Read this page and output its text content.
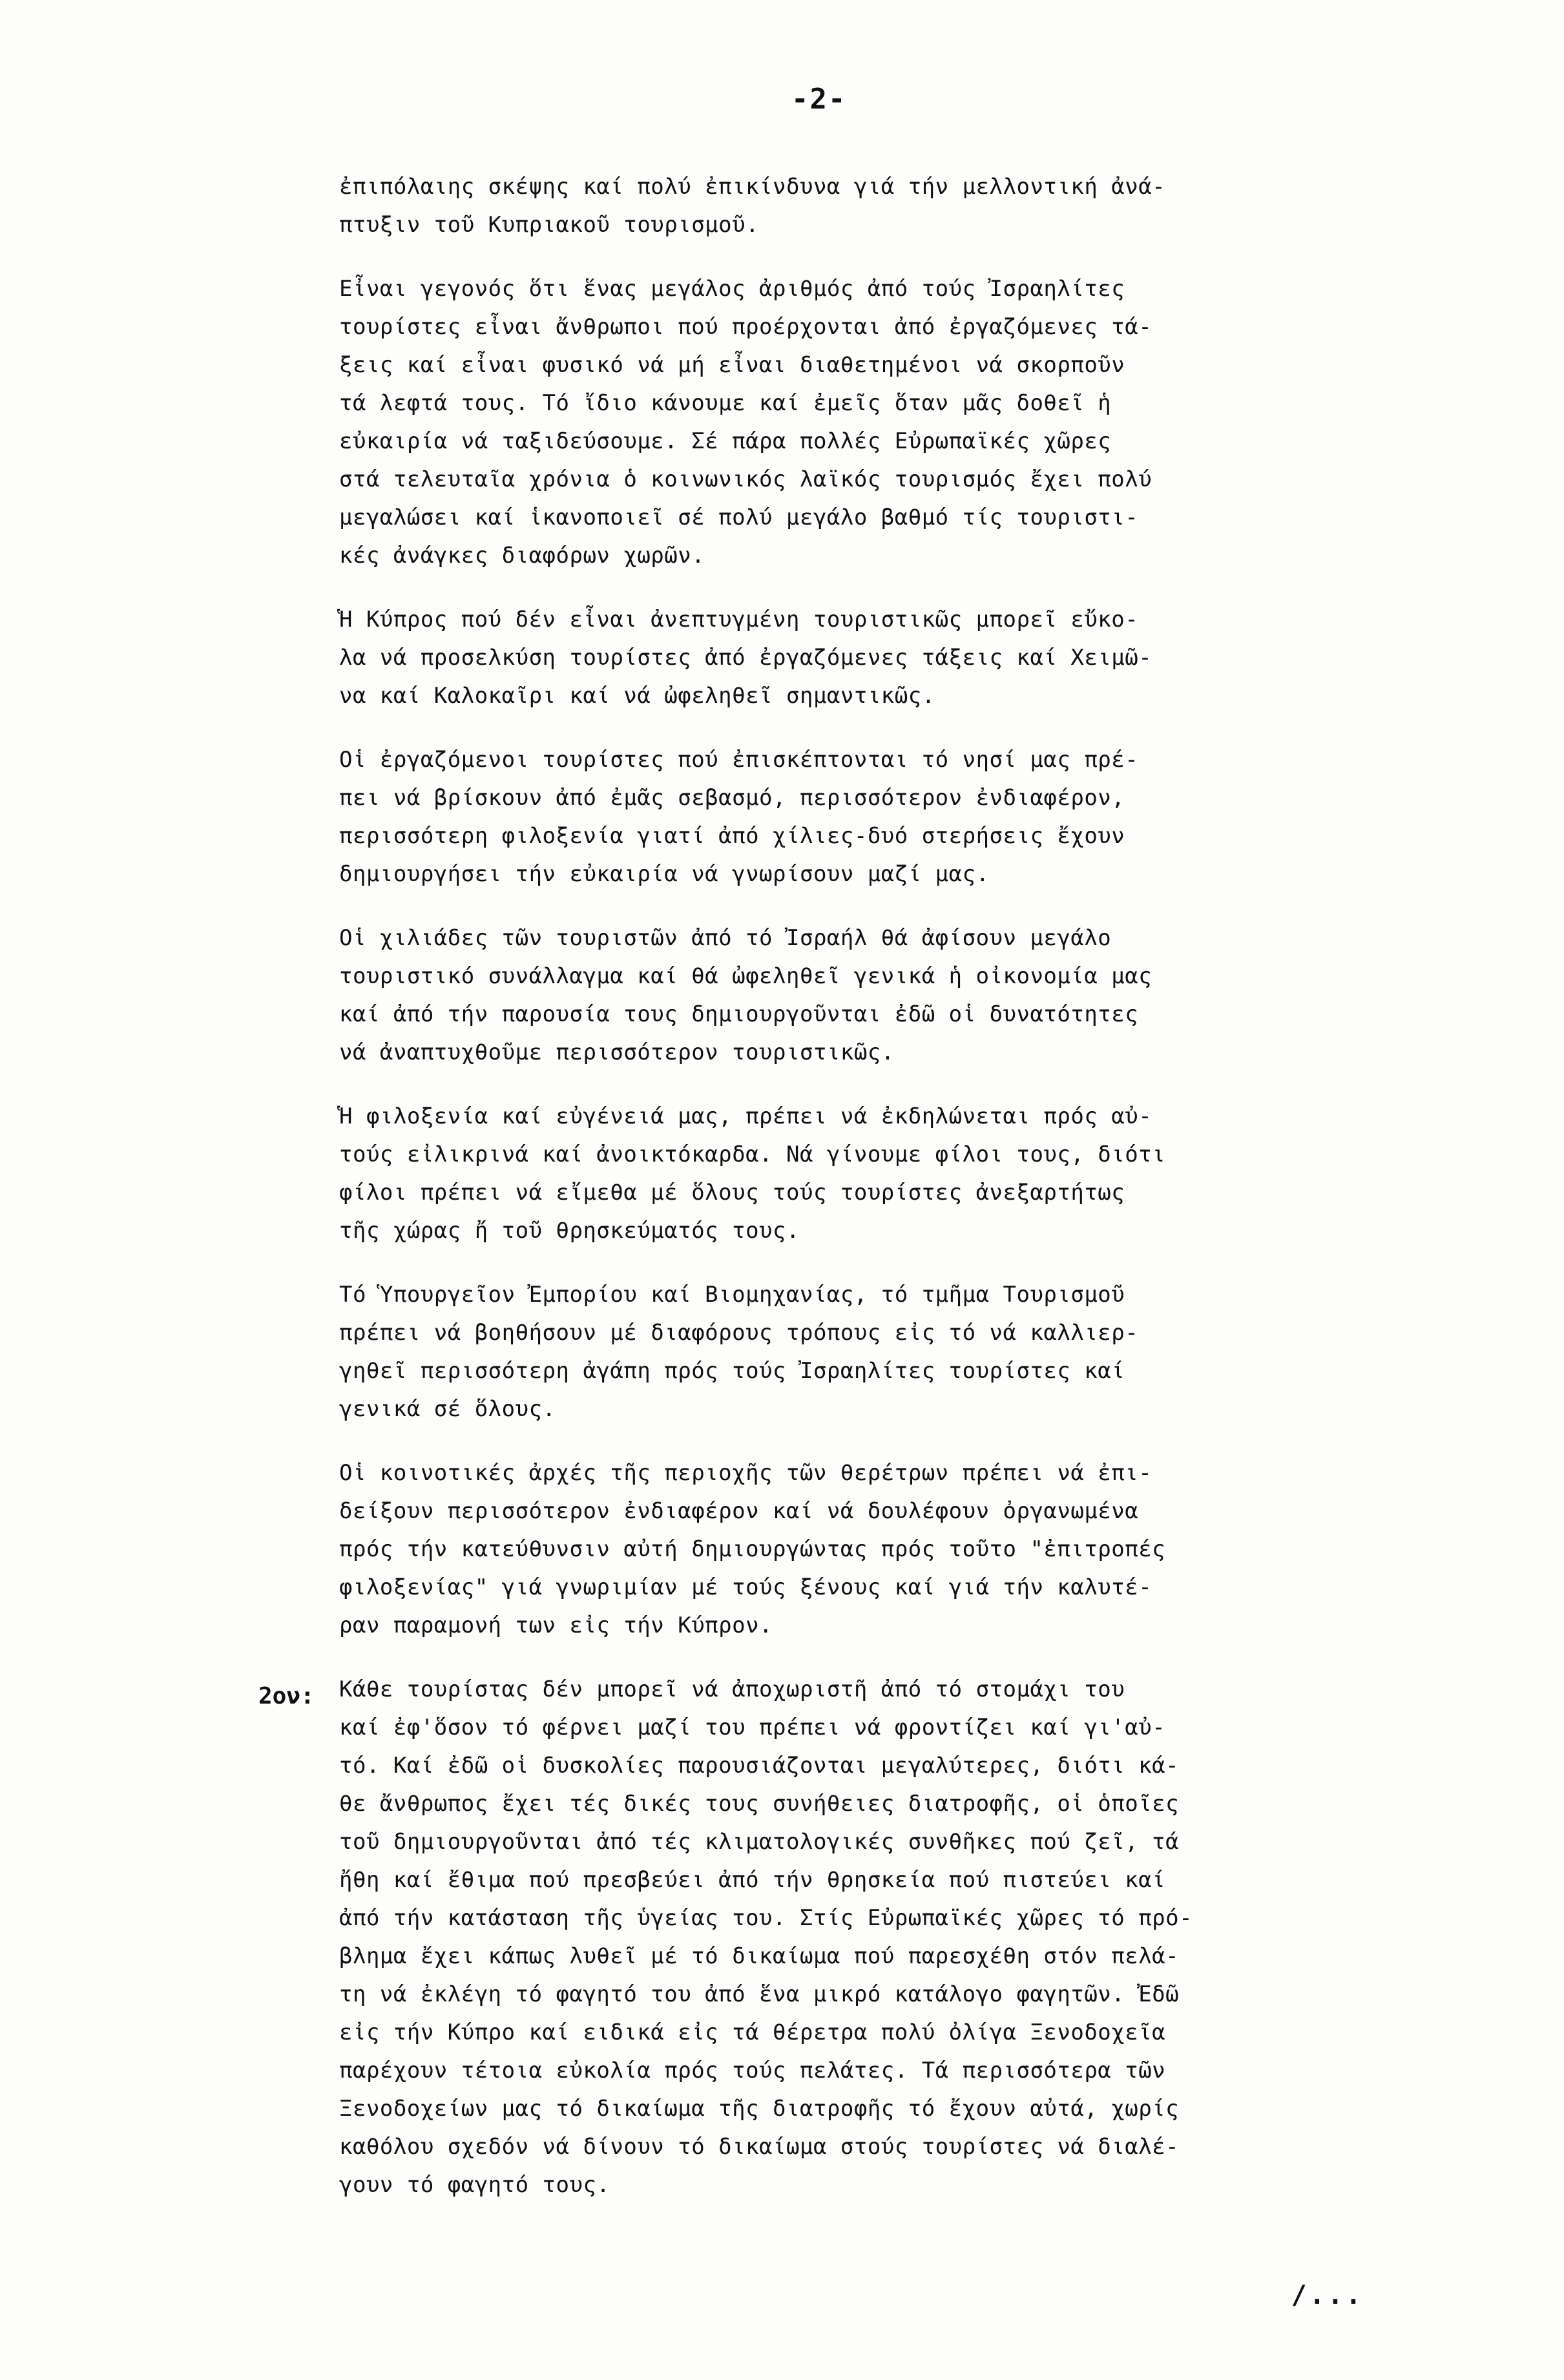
-2-
2ον:
ἐπιπόλαιης σκέψης καί πολύ ἐπικίνδυνα γιά τήν μελλοντική ἀνά-
πτυξιν τοῦ Κυπριακοῦ τουρισμοῦ.
Εἶναι γεγονός ὅτι ἕνας μεγάλος ἀριθμός ἀπό τούς Ἰσραηλίτες
τουρίστες εἶναι ἄνθρωποι πού προέρχονται ἀπό ἐργαζόμενες τά-
ξεις καί εἶναι φυσικό νά μή εἶναι διαθετημένοι νά σκορποῦν
τά λεφτά τους. Τό ἴδιο κάνουμε καί ἐμεῖς ὅταν μᾶς δοθεῖ ἡ
εὐκαιρία νά ταξιδεύσουμε. Σέ πάρα πολλές Εὐρωπαϊκές χῶρες
στά τελευταῖα χρόνια ὁ κοινωνικός λαϊκός τουρισμός ἔχει πολύ
μεγαλώσει καί ἱκανοποιεῖ σέ πολύ μεγάλο βαθμό τίς τουριστι-
κές ἀνάγκες διαφόρων χωρῶν.
Ἡ Κύπρος πού δέν εἶναι ἀνεπτυγμένη τουριστικῶς μπορεῖ εὔκο-
λα νά προσελκύση τουρίστες ἀπό ἐργαζόμενες τάξεις καί Χειμῶ-
να καί Καλοκαῖρι καί νά ὠφεληθεῖ σημαντικῶς.
Οἱ ἐργαζόμενοι τουρίστες πού ἐπισκέπτονται τό νησί μας πρέ-
πει νά βρίσκουν ἀπό ἐμᾶς σεβασμό, περισσότερον ἐνδιαφέρον,
περισσότερη φιλοξενία γιατί ἀπό χίλιες-δυό στερήσεις ἔχουν
δημιουργήσει τήν εὐκαιρία νά γνωρίσουν μαζί μας.
Οἱ χιλιάδες τῶν τουριστῶν ἀπό τό Ἰσραήλ θά ἀφίσουν μεγάλο
τουριστικό συνάλλαγμα καί θά ὠφεληθεῖ γενικά ἡ οἰκονομία μας
καί ἀπό τήν παρουσία τους δημιουργοῦνται ἐδῶ οἱ δυνατότητες
νά ἀναπτυχθοῦμε περισσότερον τουριστικῶς.
Ἡ φιλοξενία καί εὐγένειά μας, πρέπει νά ἐκδηλώνεται πρός αὐ-
τούς εἰλικρινά καί ἀνοικτόκαρδα. Νά γίνουμε φίλοι τους, διότι
φίλοι πρέπει νά εἴμεθα μέ ὅλους τούς τουρίστες ἀνεξαρτήτως
τῆς χώρας ἤ τοῦ θρησκεύματός τους.
Τό Ὑπουργεῖον Ἐμπορίου καί Βιομηχανίας, τό τμῆμα Τουρισμοῦ
πρέπει νά βοηθήσουν μέ διαφόρους τρόπους εἰς τό νά καλλιερ-
γηθεῖ περισσότερη ἀγάπη πρός τούς Ἰσραηλίτες τουρίστες καί
γενικά σέ ὅλους.
Οἱ κοινοτικές ἀρχές τῆς περιοχῆς τῶν θερέτρων πρέπει νά ἐπι-
δείξουν περισσότερον ἐνδιαφέρον καί νά δουλέφουν ὀργανωμένα
πρός τήν κατεύθυνσιν αὐτή δημιουργώντας πρός τοῦτο "ἐπιτροπές
φιλοξενίας" γιά γνωριμίαν μέ τούς ξένους καί γιά τήν καλυτέ-
ραν παραμονή των εἰς τήν Κύπρον.
Κάθε τουρίστας δέν μπορεῖ νά ἀποχωριστῆ ἀπό τό στομάχι του
καί ἐφ'ὅσον τό φέρνει μαζί του πρέπει νά φροντίζει καί γι'αὐ-
τό. Καί ἐδῶ οἱ δυσκολίες παρουσιάζονται μεγαλύτερες, διότι κά-
θε ἄνθρωπος ἔχει τές δικές τους συνήθειες διατροφῆς, οἱ ὁποῖες
τοῦ δημιουργοῦνται ἀπό τές κλιματολογικές συνθῆκες πού ζεῖ, τά
ἤθη καί ἔθιμα πού πρεσβεύει ἀπό τήν θρησκεία πού πιστεύει καί
ἀπό τήν κατάσταση τῆς ὑγείας του. Στίς Εὐρωπαϊκές χῶρες τό πρό-
βλημα ἔχει κάπως λυθεῖ μέ τό δικαίωμα πού παρεσχέθη στόν πελά-
τη νά ἐκλέγη τό φαγητό του ἀπό ἕνα μικρό κατάλογο φαγητῶν. Ἐδῶ
εἰς τήν Κύπρο καί ειδικά εἰς τά θέρετρα πολύ ὀλίγα Ξενοδοχεῖα
παρέχουν τέτοια εὐκολία πρός τούς πελάτες. Τά περισσότερα τῶν
Ξενοδοχείων μας τό δικαίωμα τῆς διατροφῆς τό ἔχουν αὐτά, χωρίς
καθόλου σχεδόν νά δίνουν τό δικαίωμα στούς τουρίστες νά διαλέ-
γουν τό φαγητό τους.
/...
